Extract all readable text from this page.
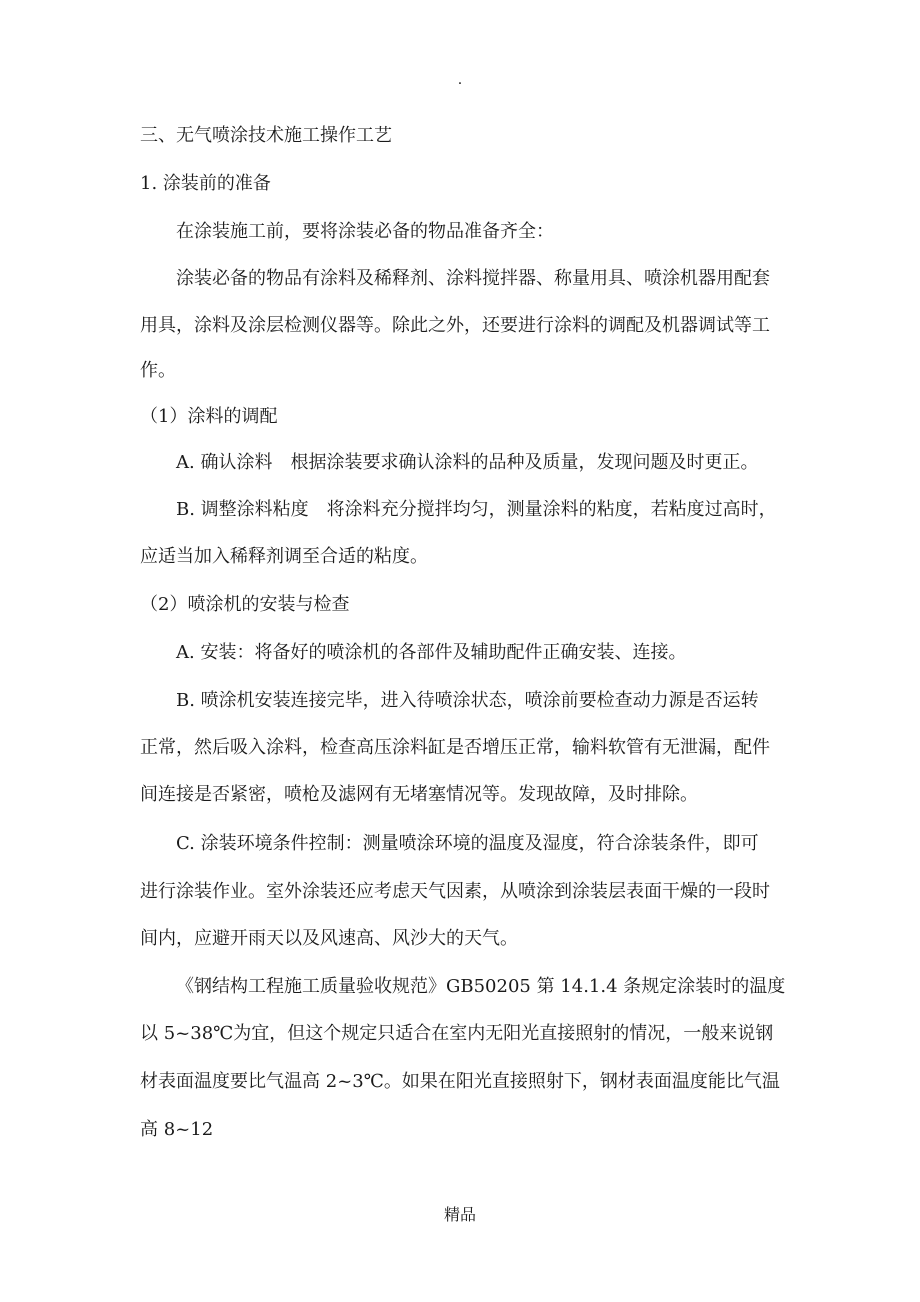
.
三、无气喷涂技术施工操作工艺
1. 涂装前的准备
在涂装施工前，要将涂装必备的物品准备齐全：
涂装必备的物品有涂料及稀释剂、涂料搅拌器、称量用具、喷涂机器用配套
用具，涂料及涂层检测仪器等。除此之外，还要进行涂料的调配及机器调试等工
作。
（1）涂料的调配
A. 确认涂料　根据涂装要求确认涂料的品种及质量，发现问题及时更正。
B. 调整涂料粘度　将涂料充分搅拌均匀，测量涂料的粘度，若粘度过高时，
应适当加入稀释剂调至合适的粘度。
（2）喷涂机的安装与检查
A. 安装：将备好的喷涂机的各部件及辅助配件正确安装、连接。
B. 喷涂机安装连接完毕，进入待喷涂状态，喷涂前要检查动力源是否运转
正常，然后吸入涂料，检查高压涂料缸是否增压正常，输料软管有无泄漏，配件
间连接是否紧密，喷枪及滤网有无堵塞情况等。发现故障，及时排除。
C. 涂装环境条件控制：测量喷涂环境的温度及湿度，符合涂装条件，即可
进行涂装作业。室外涂装还应考虑天气因素，从喷涂到涂装层表面干燥的一段时
间内，应避开雨天以及风速高、风沙大的天气。
《钢结构工程施工质量验收规范》GB50205 第 14.1.4 条规定涂装时的温度
以 5~38℃为宜，但这个规定只适合在室内无阳光直接照射的情况，一般来说钢
材表面温度要比气温高 2~3℃。如果在阳光直接照射下，钢材表面温度能比气温
高 8~12
精品
